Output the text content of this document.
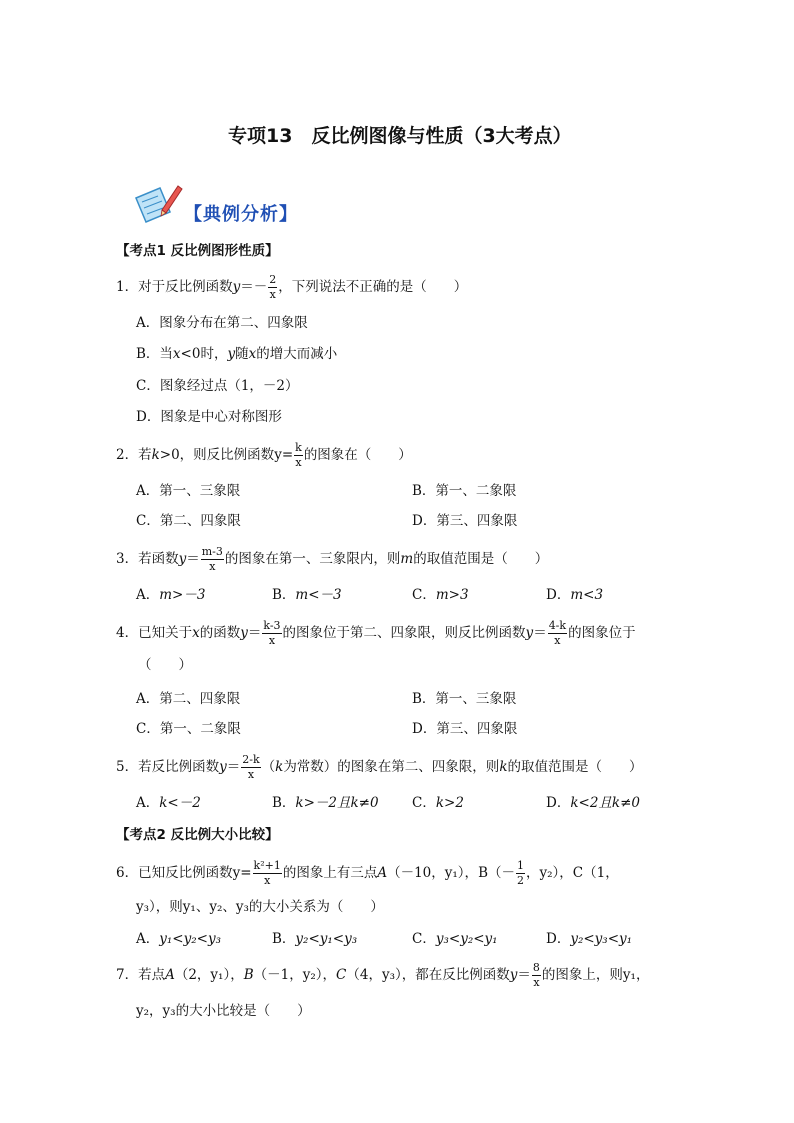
专项13　反比例图像与性质（3大考点）
【典例分析】
【考点1 反比例图形性质】
1．对于反比例函数$y=- \frac{2}{x}$ ，下列说法不正确的是（　　）
A．图象分布在第二、四象限
B．当x<0时，y随x的增大而减小
C．图象经过点（1，－2）
D．图象是中心对称图形
2．若k>0，则反比例函数$y= \frac{k}{x}$ 的图象在（　　）
A．第一、三象限	B．第一、二象限
C．第二、四象限	D．第三、四象限
3．若函数$y= \frac{m-3}{x}$ 的图象在第一、三象限内，则m的取值范围是（　　）
A．m>－3	B．m<－3	C．m>3	D．m<3
4．已知关于x的函数$y= \frac{k-3}{x}$ 的图象位于第二、四象限，则反比例函数$y= \frac{4-k}{x}$ 的图象位于
（　　）
A．第二、四象限	B．第一、三象限
C．第一、二象限	D．第三、四象限
5．若反比例函数$y= \frac{2-k}{x} (k$为常数）的图象在第二、四象限，则k的取值范围是（　　）
A．k<－2	B．k>－2且k≠0 C．k>2	D．k<2且k≠0
【考点2 反比例大小比较】
6．已知反比例函数$y= \frac{\text{k²+1}}{x}$ 的图象上有三点A（－10，y₁），$B(- \frac{1}{2}$ ，y₂），C（1，
y₃），则y₁、y₂、y₃的大小关系为（　　）
A．y₁<y₂<y₃	B．y₂<y₁<y₃	C．y₃<y₂<y₁	D．y₂<y₃<y₁
7．若点A（2，y₁），B（－1，y₂），C（4，y₃），都在反比例函数$y= \frac{8}{x}$ 的图象上，则y₁，
y₂，y₃的大小比较是（　　）
